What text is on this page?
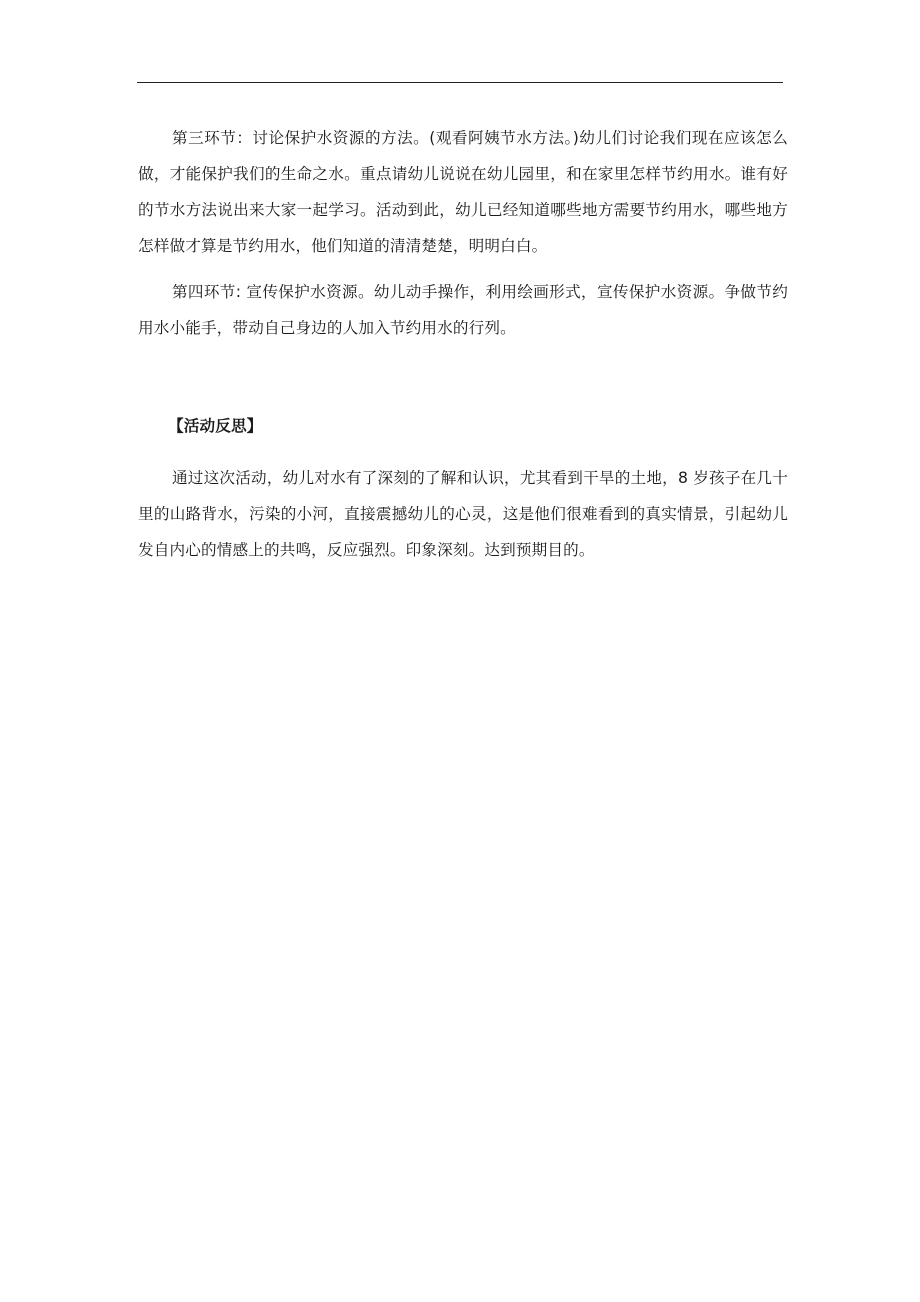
第三环节：讨论保护水资源的方法。(观看阿姨节水方法。)幼儿们讨论我们现在应该怎么做，才能保护我们的生命之水。重点请幼儿说说在幼儿园里，和在家里怎样节约用水。谁有好的节水方法说出来大家一起学习。活动到此，幼儿已经知道哪些地方需要节约用水，哪些地方怎样做才算是节约用水，他们知道的清清楚楚，明明白白。

第四环节: 宣传保护水资源。幼儿动手操作，利用绘画形式，宣传保护水资源。争做节约用水小能手，带动自己身边的人加入节约用水的行列。

【活动反思】

通过这次活动，幼儿对水有了深刻的了解和认识，尤其看到干旱的土地，8 岁孩子在几十里的山路背水，污染的小河，直接震撼幼儿的心灵，这是他们很难看到的真实情景，引起幼儿发自内心的情感上的共鸣，反应强烈。印象深刻。达到预期目的。
